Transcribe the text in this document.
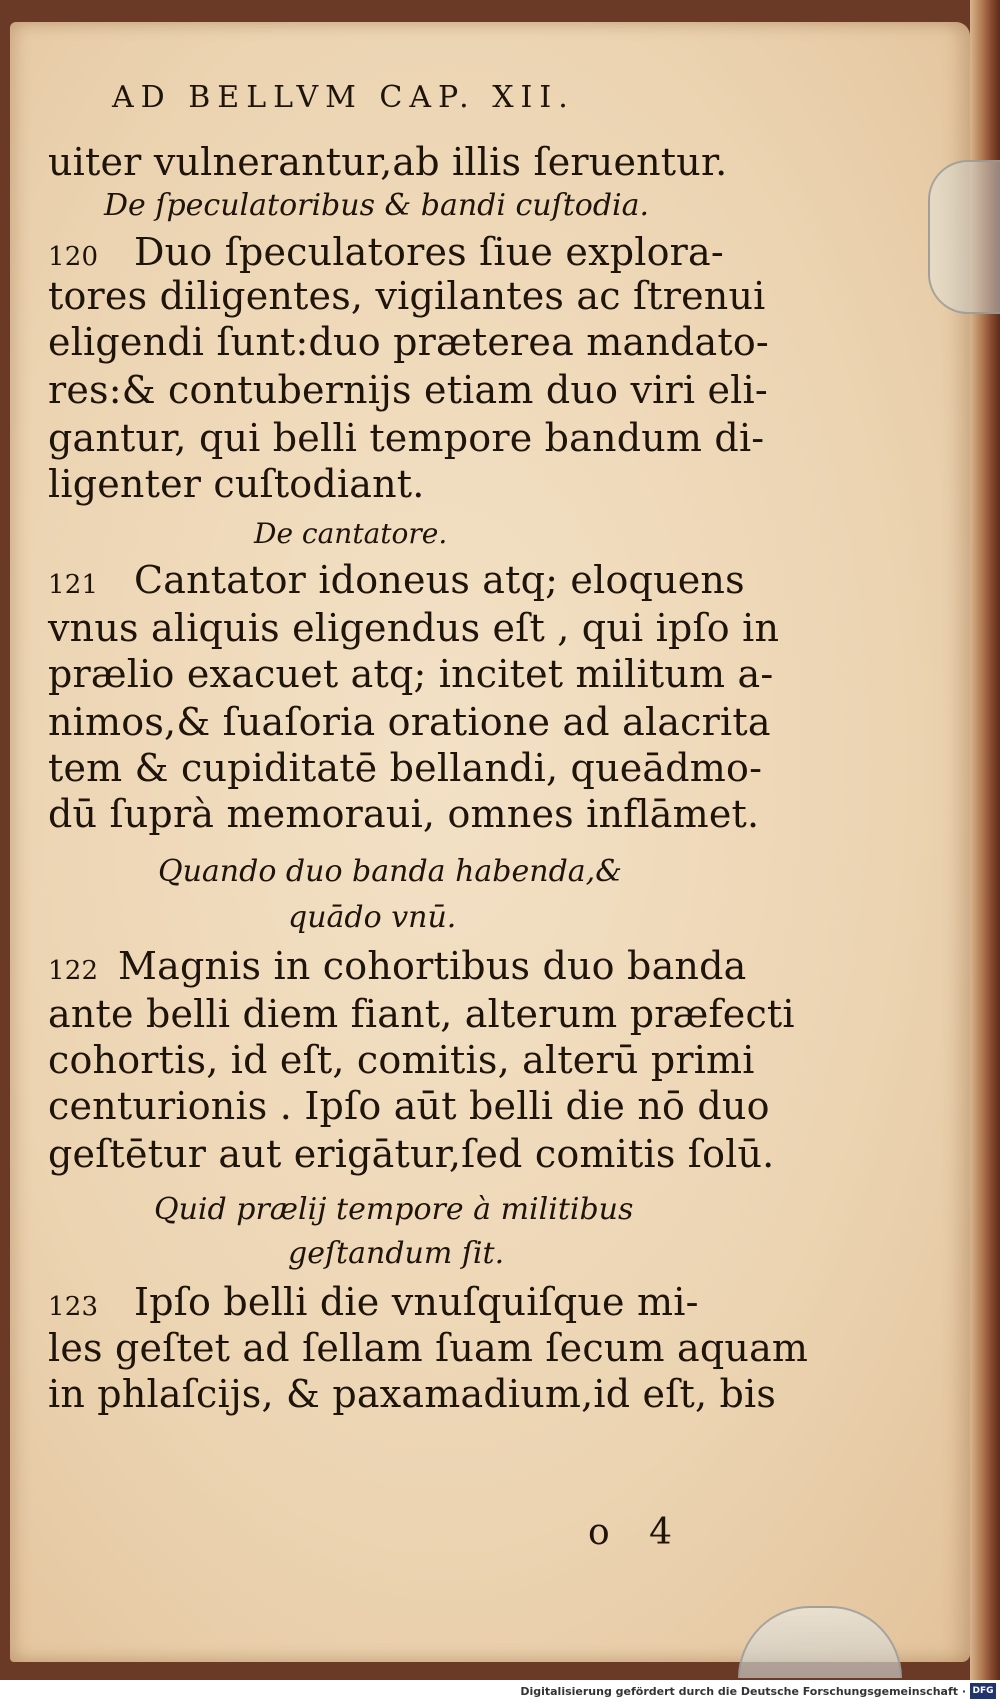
AD BELLVM CAP. XII.
uiter vulnerantur,ab illis ſeruentur.
De ſpeculatoribus & bandi cuſtodia.
120 Duo ſpeculatores ſiue explora-
tores diligentes, vigilantes ac ſtrenui
eligendi ſunt:duo præterea mandato-
res:& contubernijs etiam duo viri eli-
gantur, qui belli tempore bandum di-
ligenter cuſtodiant.
De cantatore.
121 Cantator idoneus atq; eloquens
vnus aliquis eligendus eſt , qui ipſo in
prælio exacuet atq; incitet militum a-
nimos,& ſuaſoria oratione ad alacrita
tem & cupiditatē bellandi, queādmo-
dū ſuprà memoraui, omnes inflāmet.
Quando duo banda habenda,&
quādo vnū.
122 Magnis in cohortibus duo banda
ante belli diem fiant, alterum præfecti
cohortis, id eſt, comitis, alterū primi
centurionis . Ipſo aūt belli die nō duo
geſtētur aut erigātur,ſed comitis ſolū.
Quid prælij tempore à militibus
geſtandum ſit.
123 Ipſo belli die vnuſquiſque mi-
les geſtet ad ſellam ſuam ſecum aquam
in phlaſcijs, & paxamadium,id eſt, bis
o 4
Digitalisierung gefördert durch die Deutsche Forschungsgemeinschaft · DFG
